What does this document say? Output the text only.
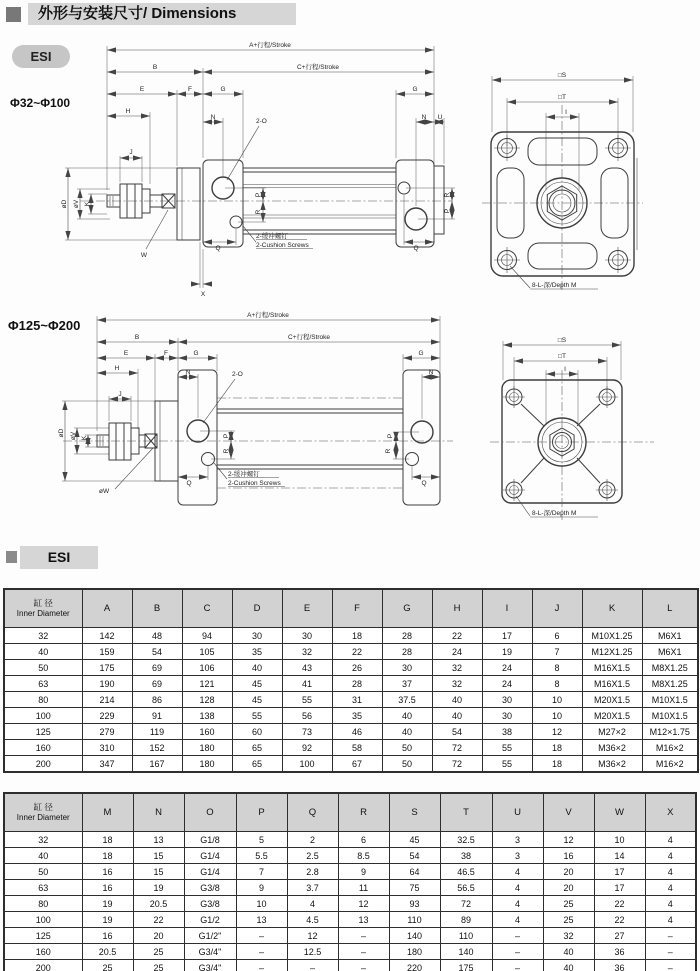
外形与安装尺寸/ Dimensions
ESI
Φ32~Φ100
Φ125~Φ200
A+行程/Stroke
B	C+行程/Stroke
E	F	G	G
H
N	N U
J
2-O
øD øV K
W
P
R
R
P
Q	Q
X
2-缓冲螺钉
2-Cushion Screws
□S
□T
I
8-L-深/Depth M
A+行程/Stroke
B	C+行程/Stroke
E	F	G	G
H
N	N
J
2-O
øD øV K
øW
P
R
P
R
Q	Q
2-缓冲螺钉
2-Cushion Screws
□S
□T
I
8-L-深/Depth M
ESI
缸 径
Inner Diameter	A	B	C	D	E	F	G	H	I	J	K	L
32	142	48	94	30	30	18	28	22	17	6	M10X1.25	M6X1
40	159	54	105	35	32	22	28	24	19	7	M12X1.25	M6X1
50	175	69	106	40	43	26	30	32	24	8	M16X1.5	M8X1.25
63	190	69	121	45	41	28	37	32	24	8	M16X1.5	M8X1.25
80	214	86	128	45	55	31	37.5	40	30	10	M20X1.5	M10X1.5
100	229	91	138	55	56	35	40	40	30	10	M20X1.5	M10X1.5
125	279	119	160	60	73	46	40	54	38	12	M27×2	M12×1.75
160	310	152	180	65	92	58	50	72	55	18	M36×2	M16×2
200	347	167	180	65	100	67	50	72	55	18	M36×2	M16×2
缸 径
Inner Diameter	M	N	O	P	Q	R	S	T	U	V	W	X
32	18	13	G1/8	5	2	6	45	32.5	3	12	10	4
40	18	15	G1/4	5.5	2.5	8.5	54	38	3	16	14	4
50	16	15	G1/4	7	2.8	9	64	46.5	4	20	17	4
63	16	19	G3/8	9	3.7	11	75	56.5	4	20	17	4
80	19	20.5	G3/8	10	4	12	93	72	4	25	22	4
100	19	22	G1/2	13	4.5	13	110	89	4	25	22	4
125	16	20	G1/2"	–	12	–	140	110	–	32	27	–
160	20.5	25	G3/4"	–	12.5	–	180	140	–	40	36	–
200	25	25	G3/4"	–	–	–	220	175	–	40	36	–
